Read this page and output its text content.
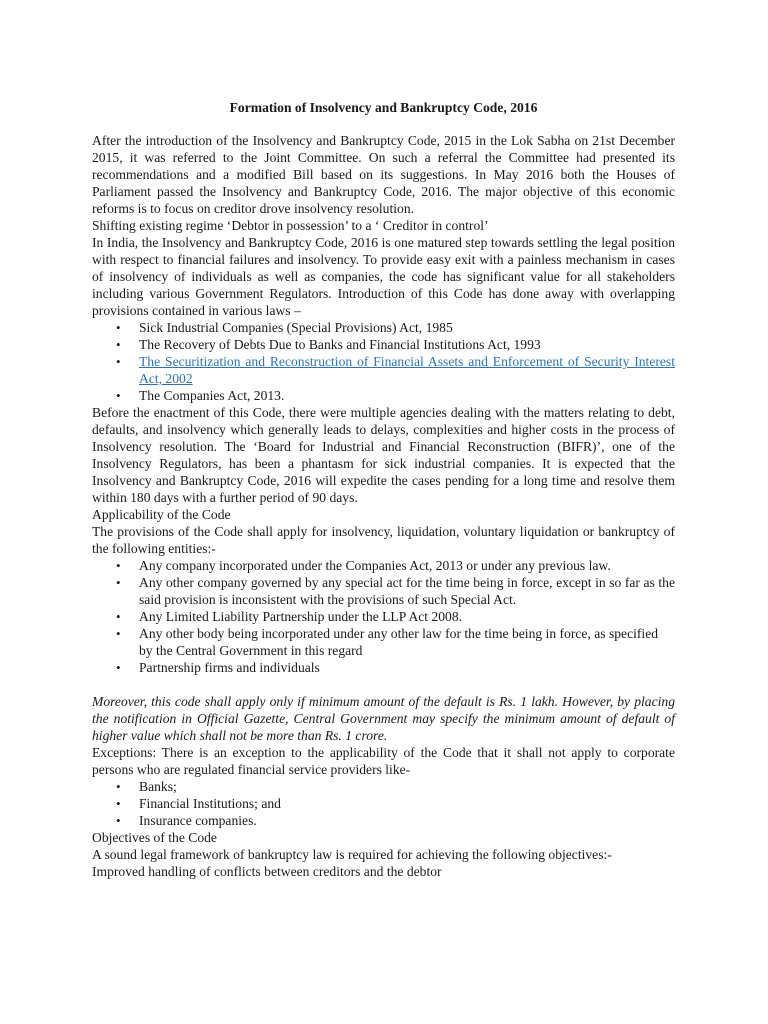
Formation of Insolvency and Bankruptcy Code, 2016

After the introduction of the Insolvency and Bankruptcy Code, 2015 in the Lok Sabha on 21st December 2015, it was referred to the Joint Committee. On such a referral the Committee had presented its recommendations and a modified Bill based on its suggestions. In May 2016 both the Houses of Parliament passed the Insolvency and Bankruptcy Code, 2016. The major objective of this economic reforms is to focus on creditor drove insolvency resolution.

Shifting existing regime ‘Debtor in possession’ to a ‘ Creditor in control’

In India, the Insolvency and Bankruptcy Code, 2016 is one matured step towards settling the legal position with respect to financial failures and insolvency. To provide easy exit with a painless mechanism in cases of insolvency of individuals as well as companies, the code has significant value for all stakeholders including various Government Regulators. Introduction of this Code has done away with overlapping provisions contained in various laws –

• Sick Industrial Companies (Special Provisions) Act, 1985
• The Recovery of Debts Due to Banks and Financial Institutions Act, 1993
• The Securitization and Reconstruction of Financial Assets and Enforcement of Security Interest Act, 2002
• The Companies Act, 2013.

Before the enactment of this Code, there were multiple agencies dealing with the matters relating to debt, defaults, and insolvency which generally leads to delays, complexities and higher costs in the process of Insolvency resolution. The ‘Board for Industrial and Financial Reconstruction (BIFR)’, one of the Insolvency Regulators, has been a phantasm for sick industrial companies. It is expected that the Insolvency and Bankruptcy Code, 2016 will expedite the cases pending for a long time and resolve them within 180 days with a further period of 90 days.

Applicability of the Code

The provisions of the Code shall apply for insolvency, liquidation, voluntary liquidation or bankruptcy of the following entities:-

• Any company incorporated under the Companies Act, 2013 or under any previous law.
• Any other company governed by any special act for the time being in force, except in so far as the said provision is inconsistent with the provisions of such Special Act.
• Any Limited Liability Partnership under the LLP Act 2008.
• Any other body being incorporated under any other law for the time being in force, as specified by the Central Government in this regard
• Partnership firms and individuals

Moreover, this code shall apply only if minimum amount of the default is Rs. 1 lakh. However, by placing the notification in Official Gazette, Central Government may specify the minimum amount of default of higher value which shall not be more than Rs. 1 crore.

Exceptions: There is an exception to the applicability of the Code that it shall not apply to corporate persons who are regulated financial service providers like-

• Banks;
• Financial Institutions; and
• Insurance companies.

Objectives of the Code

A sound legal framework of bankruptcy law is required for achieving the following objectives:-

Improved handling of conflicts between creditors and the debtor
